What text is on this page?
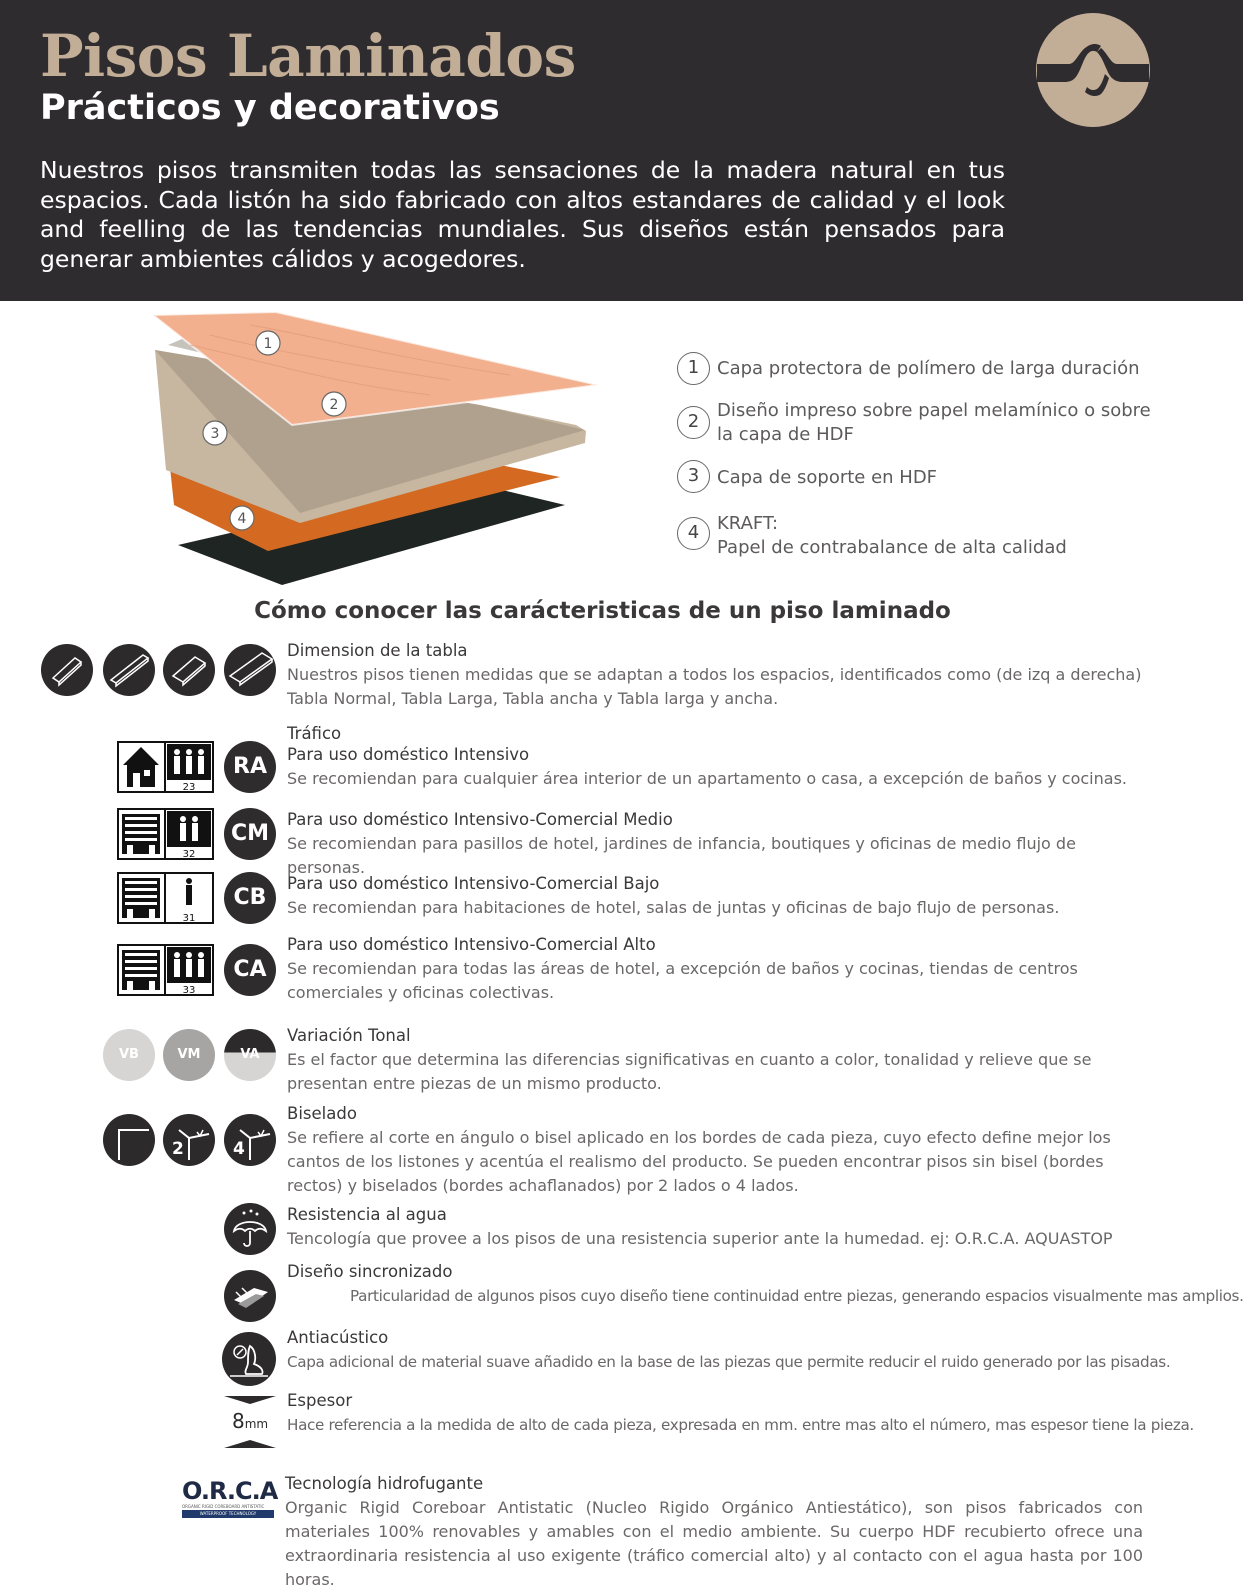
Pisos Laminados
Prácticos y decorativos
Nuestros pisos transmiten todas las sensaciones de la madera natural en tus espacios. Cada listón ha sido fabricado con altos estandares de calidad y el look and feelling de las tendencias mundiales. Sus diseños están pensados para generar ambientes cálidos y acogedores.
1
2
3
4
1 Capa protectora de polímero de larga duración
2
Diseño impreso sobre papel melamínico o sobre la capa de HDF
3 Capa de soporte en HDF
4 KRAFT:
Papel de contrabalance de alta calidad
Cómo conocer las carácteristicas de un piso laminado
Dimension de la tabla
Nuestros pisos tienen medidas que se adaptan a todos los espacios, identificados como (de izq a derecha) Tabla Normal, Tabla Larga, Tabla ancha y Tabla larga y ancha.
Tráfico
23
RA	Para uso doméstico Intensivo
Se recomiendan para cualquier área interior de un apartamento o casa, a excepción de baños y cocinas.
32
CM
Para uso doméstico Intensivo-Comercial Medio
Se recomiendan para pasillos de hotel, jardines de infancia, boutiques y oficinas de medio flujo de personas.
31
CB
Para uso doméstico Intensivo-Comercial Bajo
Se recomiendan para habitaciones de hotel, salas de juntas y oficinas de bajo flujo de personas.
33
CA
Para uso doméstico Intensivo-Comercial Alto
Se recomiendan para todas las áreas de hotel, a excepción de baños y cocinas, tiendas de centros comerciales y oficinas colectivas.
VB	VM	VA
Variación Tonal
Es el factor que determina las diferencias significativas en cuanto a color, tonalidad y relieve que se presentan entre piezas de un mismo producto.
2	4
Biselado
Se refiere al corte en ángulo o bisel aplicado en los bordes de cada pieza, cuyo efecto define mejor los cantos de los listones y acentúa el realismo del producto. Se pueden encontrar pisos sin bisel (bordes rectos) y biselados (bordes achaflanados) por 2 lados o 4 lados.
Resistencia al agua
Tencología que provee a los pisos de una resistencia superior ante la humedad. ej: O.R.C.A. AQUASTOP
Diseño sincronizado
Particularidad de algunos pisos cuyo diseño tiene continuidad entre piezas, generando espacios visualmente mas amplios.
Antiacústico
Capa adicional de material suave añadido en la base de las piezas que permite reducir el ruido generado por las pisadas.
8mm
Espesor
Hace referencia a la medida de alto de cada pieza, expresada en mm. entre mas alto el número, mas espesor tiene la pieza.
O.R.C.A
ORGANIC RIGID COREBOARD ANTISTATIC
WATERPROOF TECHNOLOGY
Tecnología hidrofugante
Organic Rigid Coreboar Antistatic (Nucleo Rigido Orgánico Antiestático), son pisos fabricados con materiales 100% renovables y amables con el medio ambiente. Su cuerpo HDF recubierto ofrece una extraordinaria resistencia al uso exigente (tráfico comercial alto) y al contacto con el agua hasta por 100 horas.
